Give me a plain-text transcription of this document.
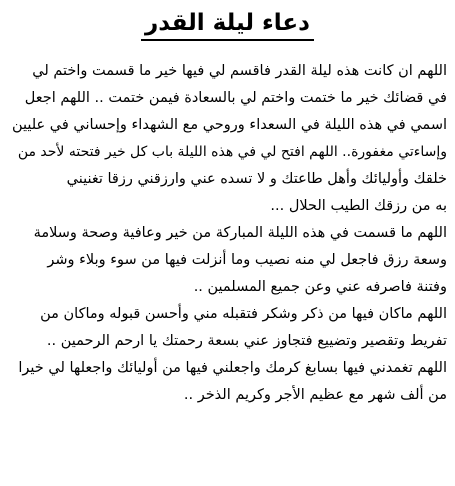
دعاء ليلة القدر
اللهم ان كانت هذه ليلة القدر فاقسم لي فيها خير ما قسمت واختم لي
في قضائك خير ما ختمت واختم لي بالسعادة فيمن ختمت .. اللهم اجعل
اسمي في هذه الليلة في السعداء وروحي مع الشهداء وإحساني في عليين
وإساءتي مغفورة.. اللهم افتح لي في هذه الليلة باب كل خير فتحته لأحد من
خلقك وأوليائك وأهل طاعتك و لا تسده عني وارزقني رزقا تغنيني
به من رزقك الطيب الحلال ...
اللهم ما قسمت في هذه الليلة المباركة من خير وعافية وصحة وسلامة
وسعة رزق فاجعل لي منه نصيب وما أنزلت فيها من سوء وبلاء وشر
وفتنة فاصرفه عني وعن جميع المسلمين ..
اللهم ماكان فيها من ذكر وشكر فتقبله مني وأحسن قبوله وماكان من
تفريط وتقصير وتضييع فتجاوز عني بسعة رحمتك يا ارحم الرحمين ..
اللهم تغمدني فيها بسابغ كرمك واجعلني فيها من أوليائك واجعلها لي خيرا
من ألف شهر مع عظيم الأجر وكريم الذخر ..
